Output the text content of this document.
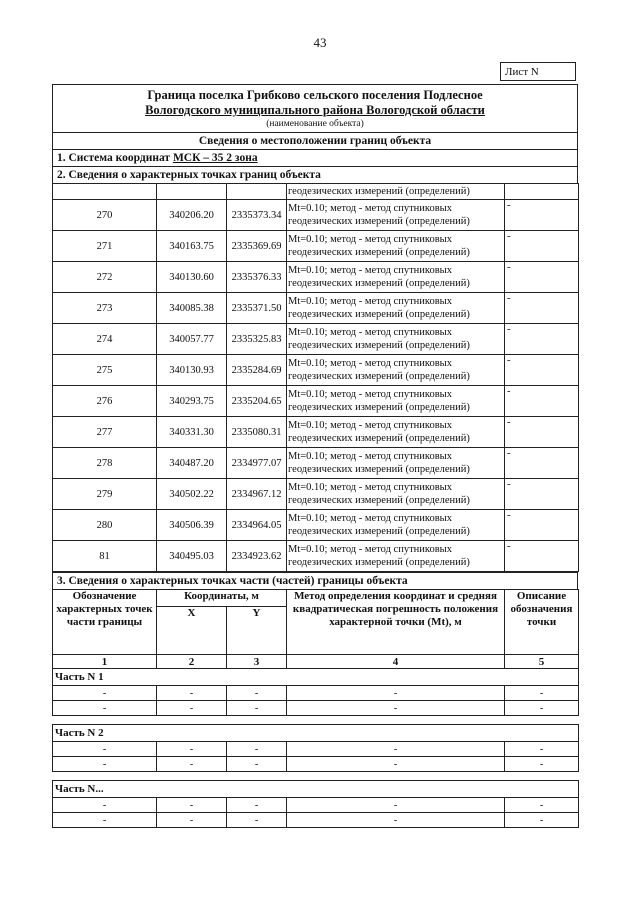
43
Лист N
Граница поселка Грибково сельского поселения Подлесное
Вологодского муниципального района Вологодской области
(наименование объекта)
Сведения о местоположении границ объекта
1. Система координат МСК – 35 2 зона
2. Сведения о характерных точках границ объекта
			геодезических измерений (определений)	
270	340206.20	2335373.34	Mt=0.10; метод - метод спутниковых
геодезических измерений (определений)	-
271	340163.75	2335369.69	Mt=0.10; метод - метод спутниковых
геодезических измерений (определений)	-
272	340130.60	2335376.33	Mt=0.10; метод - метод спутниковых
геодезических измерений (определений)	-
273	340085.38	2335371.50	Mt=0.10; метод - метод спутниковых
геодезических измерений (определений)	-
274	340057.77	2335325.83	Mt=0.10; метод - метод спутниковых
геодезических измерений (определений)	-
275	340130.93	2335284.69	Mt=0.10; метод - метод спутниковых
геодезических измерений (определений)	-
276	340293.75	2335204.65	Mt=0.10; метод - метод спутниковых
геодезических измерений (определений)	-
277	340331.30	2335080.31	Mt=0.10; метод - метод спутниковых
геодезических измерений (определений)	-
278	340487.20	2334977.07	Mt=0.10; метод - метод спутниковых
геодезических измерений (определений)	-
279	340502.22	2334967.12	Mt=0.10; метод - метод спутниковых
геодезических измерений (определений)	-
280	340506.39	2334964.05	Mt=0.10; метод - метод спутниковых
геодезических измерений (определений)	-
81	340495.03	2334923.62	Mt=0.10; метод - метод спутниковых
геодезических измерений (определений)	-
3. Сведения о характерных точках части (частей) границы объекта
Обозначение характерных точек части границы	Координаты, м		Метод определения координат и средняя квадратическая погрешность положения характерной точки (Mt), м	Описание обозначения точки
	X	Y		
1	2	3	4	5
Часть N 1				
-	-	-	-	-
-	-	-	-	-

Часть N 2				
-	-	-	-	-
-	-	-	-	-

Часть N...				
-	-	-	-	-
-	-	-	-	-
